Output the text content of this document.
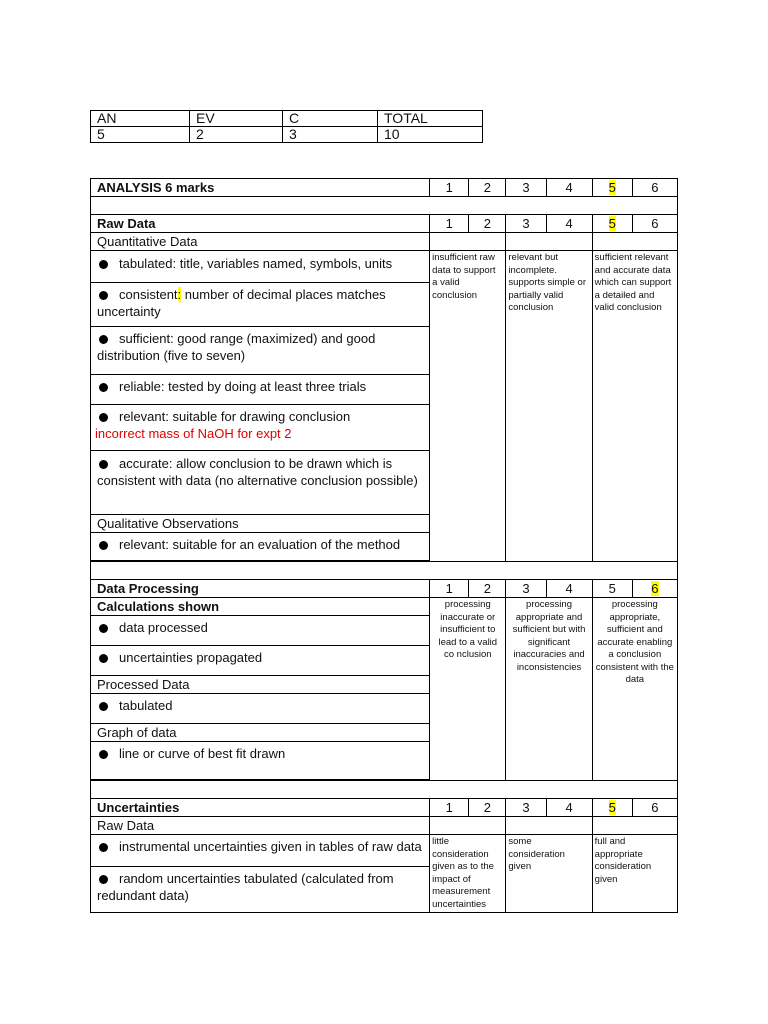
AN	EV	C	TOTAL
5	2	3	10
ANALYSIS 6 marks	1	2	3	4	5	6

Raw Data	1	2	3	4	5	6
Quantitative Data						
tabulated: title, variables named, symbols, units	insufficient raw data to support a valid conclusion		relevant but incomplete. supports simple or partially valid conclusion		sufficient relevant and accurate data which can support a detailed and valid conclusion	
consistent: number of decimal places matches uncertainty						
sufficient: good range (maximized) and good distribution (five to seven)						
reliable: tested by doing at least three trials						
relevant: suitable for drawing conclusion
incorrect mass of NaOH for expt 2						
accurate: allow conclusion to be drawn which is consistent with data (no alternative conclusion possible)						
Qualitative Observations						
relevant: suitable for an evaluation of the method						

Data Processing	1	2	3	4	5	6
Calculations shown	processing inaccurate or insufficient to lead to a valid co nclusion		processing appropriate and sufficient but with significant inaccuracies and inconsistencies		processing appropriate, sufficient and accurate enabling a conclusion consistent with the data	
data processed						
uncertainties propagated						
Processed Data						
tabulated						
Graph of data						
line or curve of best fit drawn						

Uncertainties	1	2	3	4	5	6
Raw Data						
instrumental uncertainties given in tables of raw data	little consideration given as to the impact of measurement uncertainties		some consideration given		full and appropriate consideration given	
random uncertainties tabulated (calculated from redundant data)						
